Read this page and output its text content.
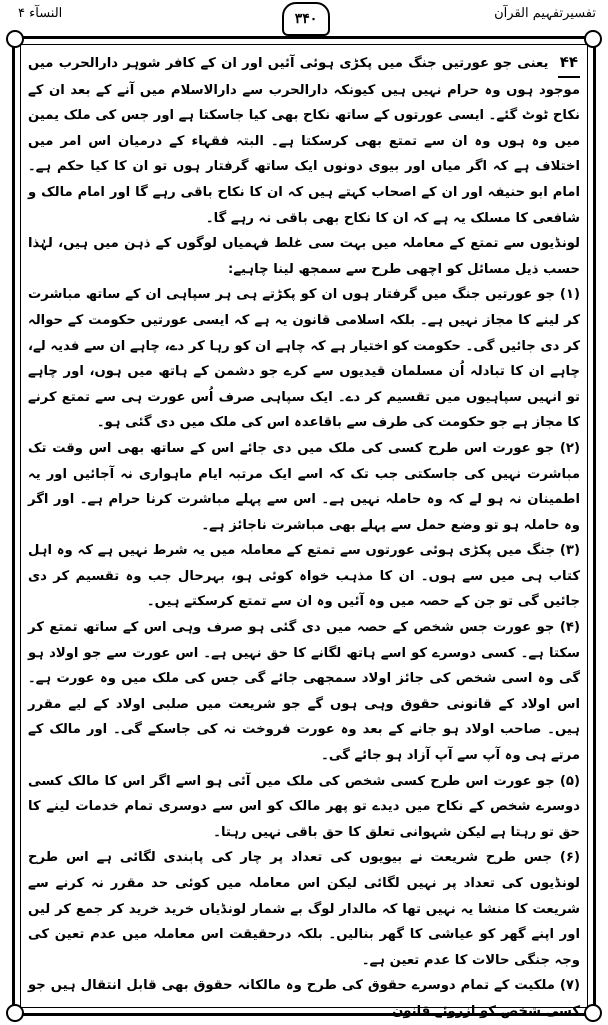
تفسیرتفہیم القرآن
۳۴۰
النسآء ۴

۴۴ یعنی جو عورتیں جنگ میں پکڑی ہوئی آئیں اور ان کے کافر شوہر دارالحرب میں موجود ہوں وہ حرام نہیں ہیں کیونکہ دارالحرب سے دارالاسلام میں آنے کے بعد ان کے نکاح ٹوٹ گئے۔ ایسی عورتوں کے ساتھ نکاح بھی کیا جاسکتا ہے اور جس کی ملک یمین میں وہ ہوں وہ ان سے تمتع بھی کرسکتا ہے۔ البتہ فقہاء کے درمیان اس امر میں اختلاف ہے کہ اگر میاں اور بیوی دونوں ایک ساتھ گرفتار ہوں تو ان کا کیا حکم ہے۔ امام ابو حنیفہ اور ان کے اصحاب کہتے ہیں کہ ان کا نکاح باقی رہے گا اور امام مالک و شافعی کا مسلک یہ ہے کہ ان کا نکاح بھی باقی نہ رہے گا۔

لونڈیوں سے تمتع کے معاملہ میں بہت سی غلط فہمیاں لوگوں کے ذہن میں ہیں، لہٰذا حسب ذیل مسائل کو اچھی طرح سے سمجھ لینا چاہیے:

(۱) جو عورتیں جنگ میں گرفتار ہوں ان کو پکڑتے ہی ہر سپاہی ان کے ساتھ مباشرت کر لینے کا مجاز نہیں ہے۔ بلکہ اسلامی قانون یہ ہے کہ ایسی عورتیں حکومت کے حوالہ کر دی جائیں گی۔ حکومت کو اختیار ہے کہ چاہے ان کو رہا کر دے، چاہے ان سے فدیہ لے، چاہے ان کا تبادلہ اُن مسلمان قیدیوں سے کرے جو دشمن کے ہاتھ میں ہوں، اور چاہے تو انہیں سپاہیوں میں تقسیم کر دے۔ ایک سپاہی صرف اُس عورت ہی سے تمتع کرنے کا مجاز ہے جو حکومت کی طرف سے باقاعدہ اس کی ملک میں دی گئی ہو۔

(۲) جو عورت اس طرح کسی کی ملک میں دی جائے اس کے ساتھ بھی اس وقت تک مباشرت نہیں کی جاسکتی جب تک کہ اسے ایک مرتبہ ایام ماہواری نہ آجائیں اور یہ اطمینان نہ ہو لے کہ وہ حاملہ نہیں ہے۔ اس سے پہلے مباشرت کرنا حرام ہے۔ اور اگر وہ حاملہ ہو تو وضع حمل سے پہلے بھی مباشرت ناجائز ہے۔

(۳) جنگ میں پکڑی ہوئی عورتوں سے تمتع کے معاملہ میں یہ شرط نہیں ہے کہ وہ اہل کتاب ہی میں سے ہوں۔ ان کا مذہب خواہ کوئی ہو، بہرحال جب وہ تقسیم کر دی جائیں گی تو جن کے حصہ میں وہ آئیں وہ ان سے تمتع کرسکتے ہیں۔

(۴) جو عورت جس شخص کے حصہ میں دی گئی ہو صرف وہی اس کے ساتھ تمتع کر سکتا ہے۔ کسی دوسرے کو اسے ہاتھ لگانے کا حق نہیں ہے۔ اس عورت سے جو اولاد ہو گی وہ اسی شخص کی جائز اولاد سمجھی جائے گی جس کی ملک میں وہ عورت ہے۔ اس اولاد کے قانونی حقوق وہی ہوں گے جو شریعت میں صلبی اولاد کے لیے مقرر ہیں۔ صاحب اولاد ہو جانے کے بعد وہ عورت فروخت نہ کی جاسکے گی۔ اور مالک کے مرتے ہی وہ آپ سے آپ آزاد ہو جائے گی۔

(۵) جو عورت اس طرح کسی شخص کی ملک میں آئی ہو اسے اگر اس کا مالک کسی دوسرے شخص کے نکاح میں دیدے تو پھر مالک کو اس سے دوسری تمام خدمات لینے کا حق تو رہتا ہے لیکن شہوانی تعلق کا حق باقی نہیں رہتا۔

(۶) جس طرح شریعت نے بیویوں کی تعداد پر چار کی پابندی لگائی ہے اس طرح لونڈیوں کی تعداد پر نہیں لگائی لیکن اس معاملہ میں کوئی حد مقرر نہ کرنے سے شریعت کا منشا یہ نہیں تھا کہ مالدار لوگ بے شمار لونڈیاں خرید خرید کر جمع کر لیں اور اپنے گھر کو عیاشی کا گھر بنالیں۔ بلکہ درحقیقت اس معاملہ میں عدم تعین کی وجہ جنگی حالات کا عدم تعین ہے۔

(۷) ملکیت کے تمام دوسرے حقوق کی طرح وہ مالکانہ حقوق بھی قابل انتقال ہیں جو کسی شخص کو ازروئے قانون
